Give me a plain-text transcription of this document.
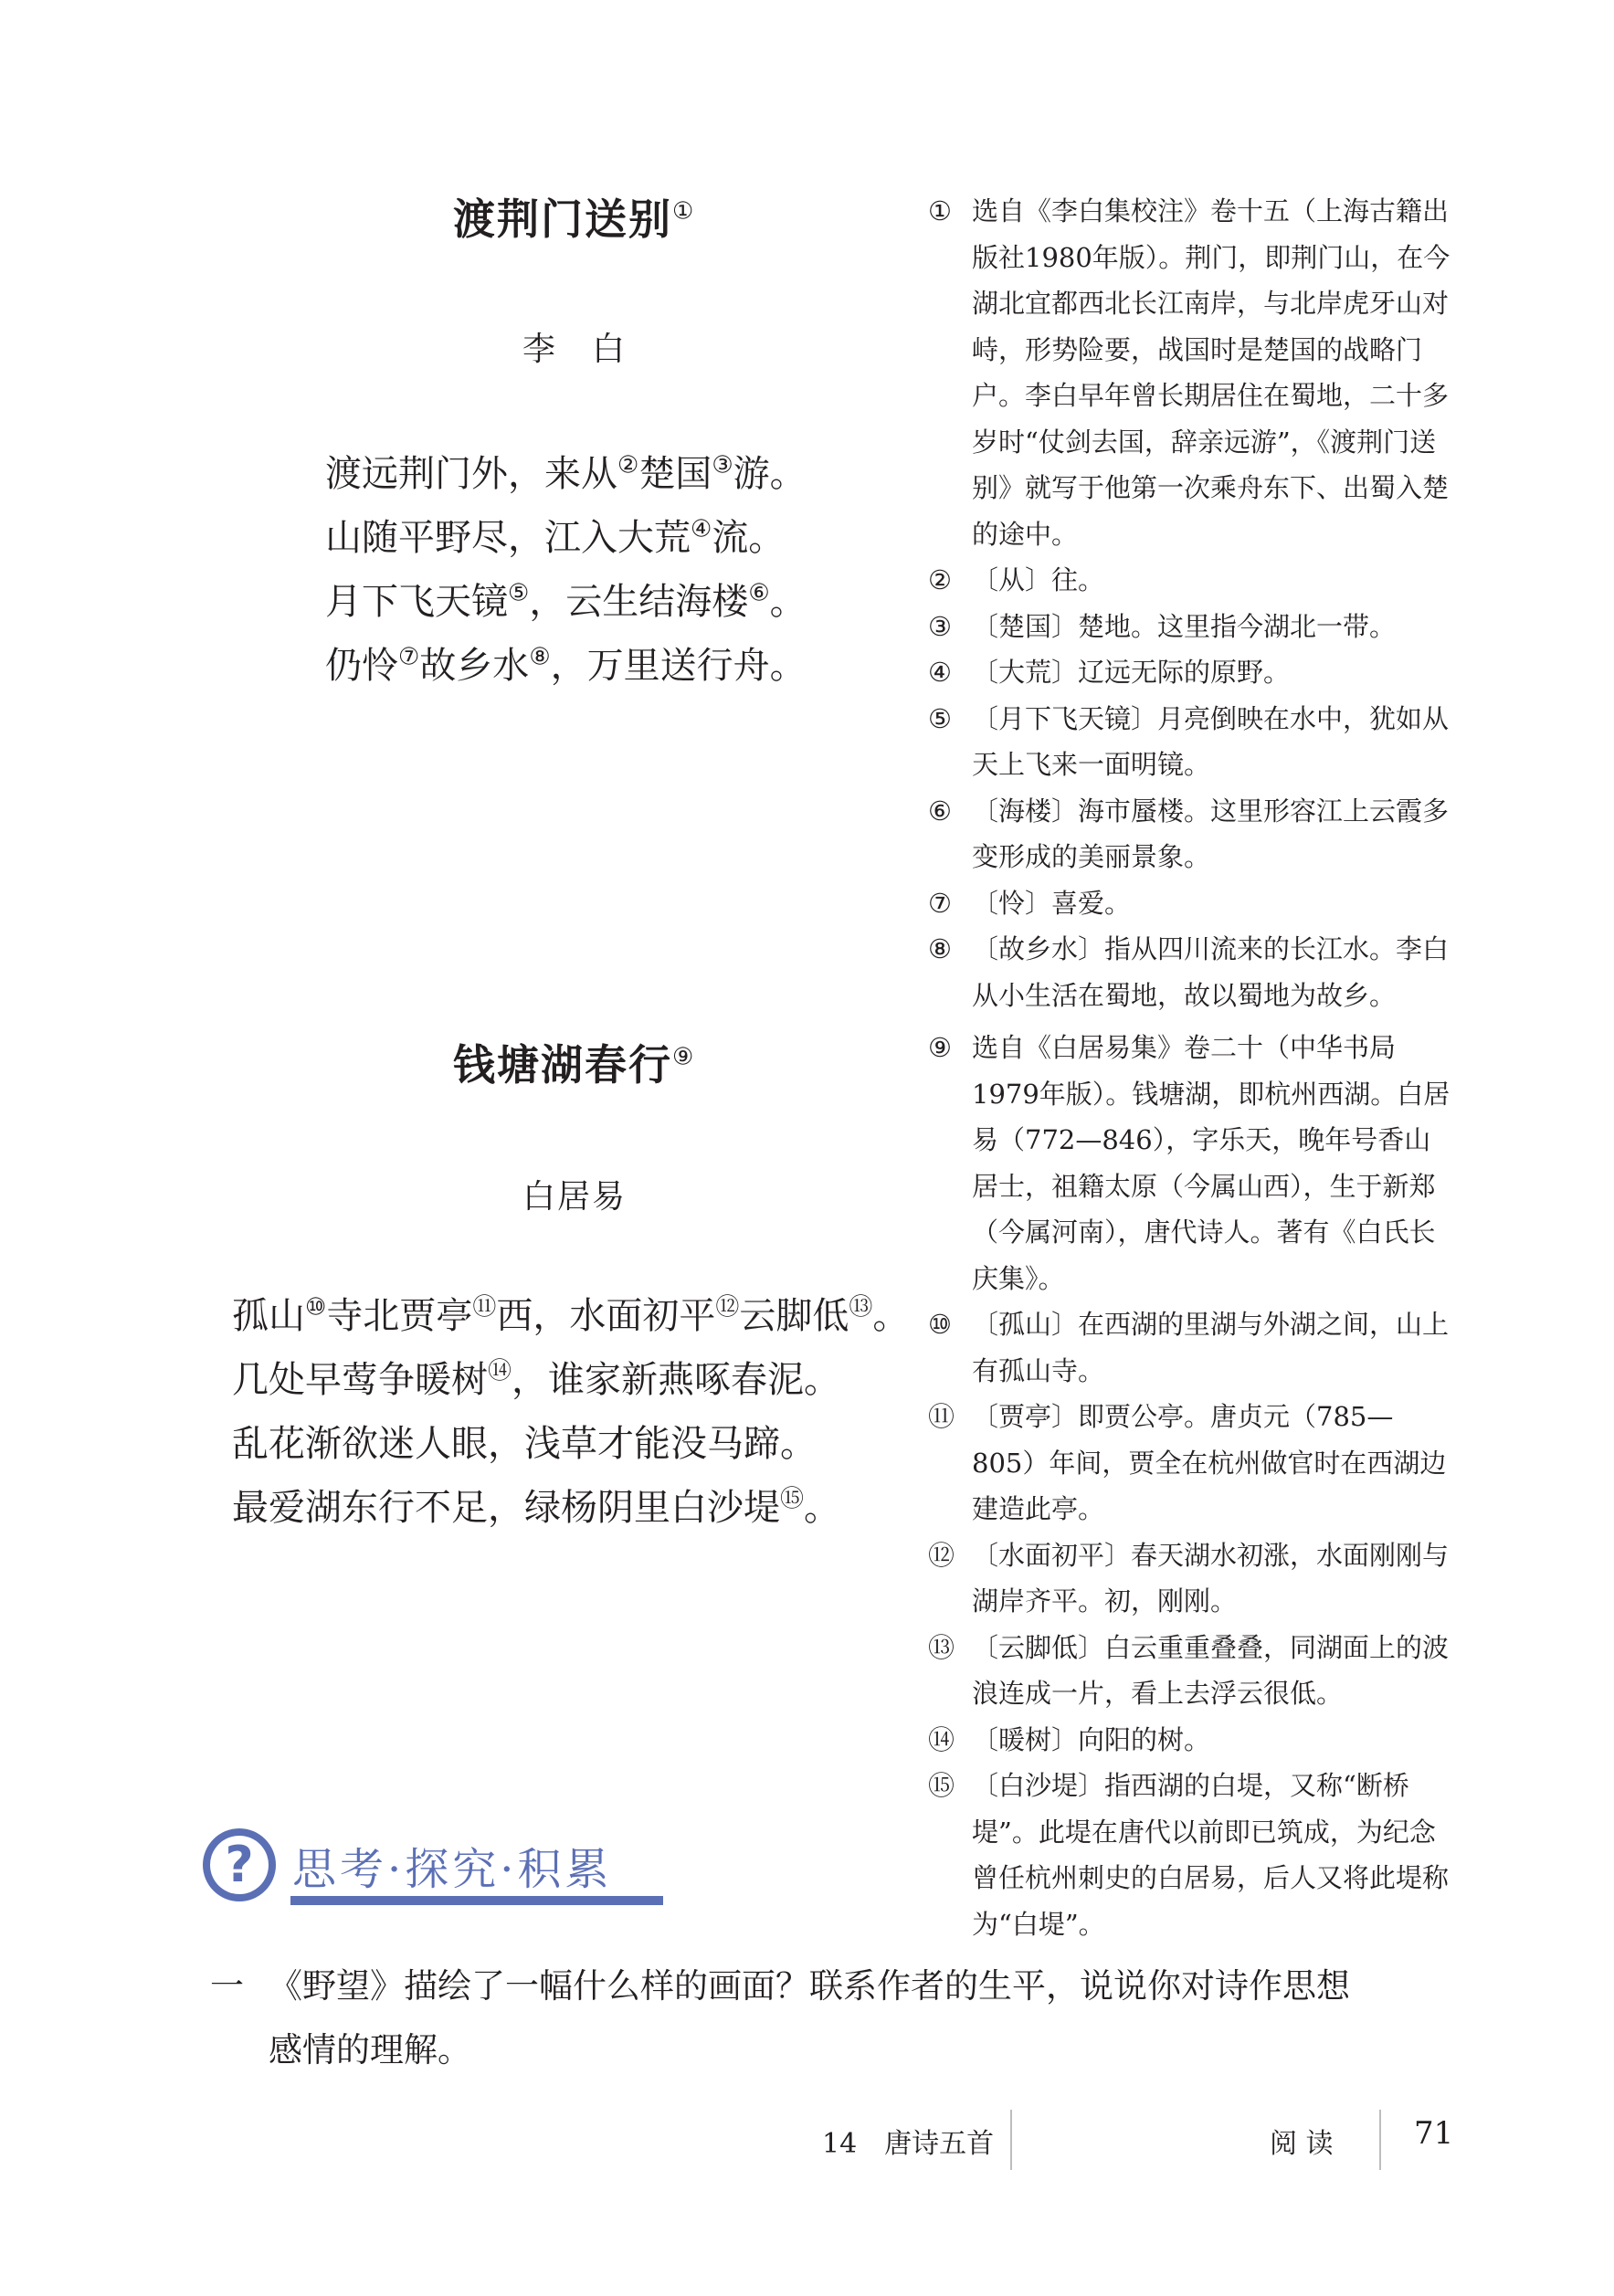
渡荆门送别①
李　白
渡远荆门外，来从②楚国③游。
山随平野尽，江入大荒④流。
月下飞天镜⑤，云生结海楼⑥。
仍怜⑦故乡水⑧，万里送行舟。
① 选自《李白集校注》卷十五（上海古籍出版社1980年版）。荆门，即荆门山，在今湖北宜都西北长江南岸，与北岸虎牙山对峙，形势险要，战国时是楚国的战略门户。李白早年曾长期居住在蜀地，二十多岁时“仗剑去国，辞亲远游”，《渡荆门送别》就写于他第一次乘舟东下、出蜀入楚的途中。
② 〔从〕往。
③ 〔楚国〕楚地。这里指今湖北一带。
④ 〔大荒〕辽远无际的原野。
⑤ 〔月下飞天镜〕月亮倒映在水中，犹如从天上飞来一面明镜。
⑥ 〔海楼〕海市蜃楼。这里形容江上云霞多变形成的美丽景象。
⑦ 〔怜〕喜爱。
⑧ 〔故乡水〕指从四川流来的长江水。李白从小生活在蜀地，故以蜀地为故乡。
钱塘湖春行⑨
白居易
孤山⑩寺北贾亭⑪西，水面初平⑫云脚低⑬。
几处早莺争暖树⑭，谁家新燕啄春泥。
乱花渐欲迷人眼，浅草才能没马蹄。
最爱湖东行不足，绿杨阴里白沙堤⑮。
⑨ 选自《白居易集》卷二十（中华书局1979年版）。钱塘湖，即杭州西湖。白居易（772—846），字乐天，晚年号香山居士，祖籍太原（今属山西），生于新郑（今属河南），唐代诗人。著有《白氏长庆集》。
⑩ 〔孤山〕在西湖的里湖与外湖之间，山上有孤山寺。
⑪ 〔贾亭〕即贾公亭。唐贞元（785—805）年间，贾全在杭州做官时在西湖边建造此亭。
⑫ 〔水面初平〕春天湖水初涨，水面刚刚与湖岸齐平。初，刚刚。
⑬ 〔云脚低〕白云重重叠叠，同湖面上的波浪连成一片，看上去浮云很低。
⑭ 〔暖树〕向阳的树。
⑮ 〔白沙堤〕指西湖的白堤，又称“断桥堤”。此堤在唐代以前即已筑成，为纪念曾任杭州刺史的白居易，后人又将此堤称为“白堤”。
? 思考·探究·积累
一 《野望》描绘了一幅什么样的画面？联系作者的生平，说说你对诗作思想
感情的理解。
14　唐诗五首	阅 读	71
